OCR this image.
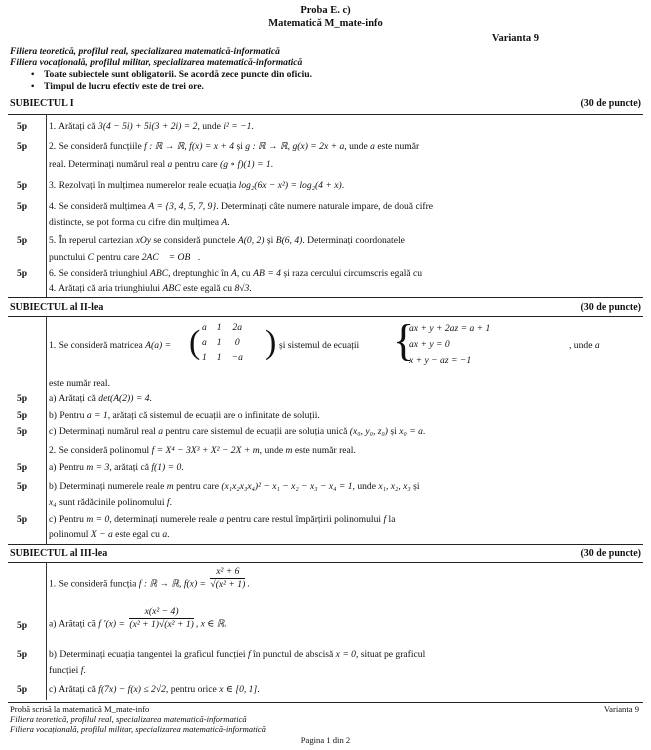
Proba E. c)
Matematică M_mate-info
Varianta 9
Filiera teoretică, profilul real, specializarea matematică-informatică
Filiera vocațională, profilul militar, specializarea matematică-informatică
• Toate subiectele sunt obligatorii. Se acordă zece puncte din oficiu.
• Timpul de lucru efectiv este de trei ore.
SUBIECTUL I	(30 de puncte)
5p	1. Arătați că 3(4 − 5i) + 5i(3 + 2i) = 2, unde i² = −1.
5p	2. Se consideră funcțiile f : ℝ → ℝ, f(x) = x + 4 și g : ℝ → ℝ, g(x) = 2x + a, unde a este număr
real. Determinați numărul real a pentru care (g ∘ f)(1) = 1.
5p	3. Rezolvați în mulțimea numerelor reale ecuația log₂(6x − x²) = log₂(4 + x).
5p	4. Se consideră mulțimea A = {3, 4, 5, 7, 9}. Determinați câte numere naturale impare, de două cifre
distincte, se pot forma cu cifre din mulțimea A.
5p	5. În reperul cartezian xOy se consideră punctele A(0, 2) și B(6, 4). Determinați coordonatele
punctului C pentru care 2AC⃗ = OB⃗.
5p	6. Se consideră triunghiul ABC, dreptunghic în A, cu AB = 4 și raza cercului circumscris egală cu
4. Arătați că aria triunghiului ABC este egală cu 8√3.
SUBIECTUL al II-lea	(30 de puncte)
1. Se consideră matricea A(a) = ( a	1	2a
a	1	0
1	1	−a ) și sistemul de ecuații {
ax + y + 2az = a + 1
ax + y = 0
x + y − az = −1
, unde a
este număr real.
5p	a) Arătați că det(A(2)) = 4.
5p	b) Pentru a = 1, arătați că sistemul de ecuații are o infinitate de soluții.
5p	c) Determinați numărul real a pentru care sistemul de ecuații are soluția unică (x₀, y₀, z₀) și x₀ = a.
2. Se consideră polinomul f = X⁴ − 3X³ + X² − 2X + m, unde m este număr real.
5p	a) Pentru m = 3, arătați că f(1) = 0.
5p	b) Determinați numerele reale m pentru care (x₁x₂x₃x₄)² − x₁ − x₂ − x₃ − x₄ = 1, unde x₁, x₂, x₃ și
x₄ sunt rădăcinile polinomului f.
5p	c) Pentru m = 0, determinați numerele reale a pentru care restul împărțirii polinomului f la
polinomul X − a este egal cu a.
SUBIECTUL al III-lea	(30 de puncte)
1. Se consideră funcția f : ℝ → ℝ, $f(x) = \frac{\text{x² + 6}}{\text{√(x² + 1)}}$ .
5p	a) Arătați că f $'(x) = \frac{\text{x(x² − 4)}}{\text{(x² + 1)√(x² + 1)}}$ , x ∈ ℝ.
5p	b) Determinați ecuația tangentei la graficul funcției f în punctul de abscisă x = 0, situat pe graficul
funcției f.
5p	c) Arătați că f(7x) − f(x) ≤ 2√2, pentru orice x ∈ [0, 1].
Probă scrisă la matematică M_mate-info	Varianta 9
Filiera teoretică, profilul real, specializarea matematică-informatică
Filiera vocațională, profilul militar, specializarea matematică-informatică
Pagina 1 din 2
